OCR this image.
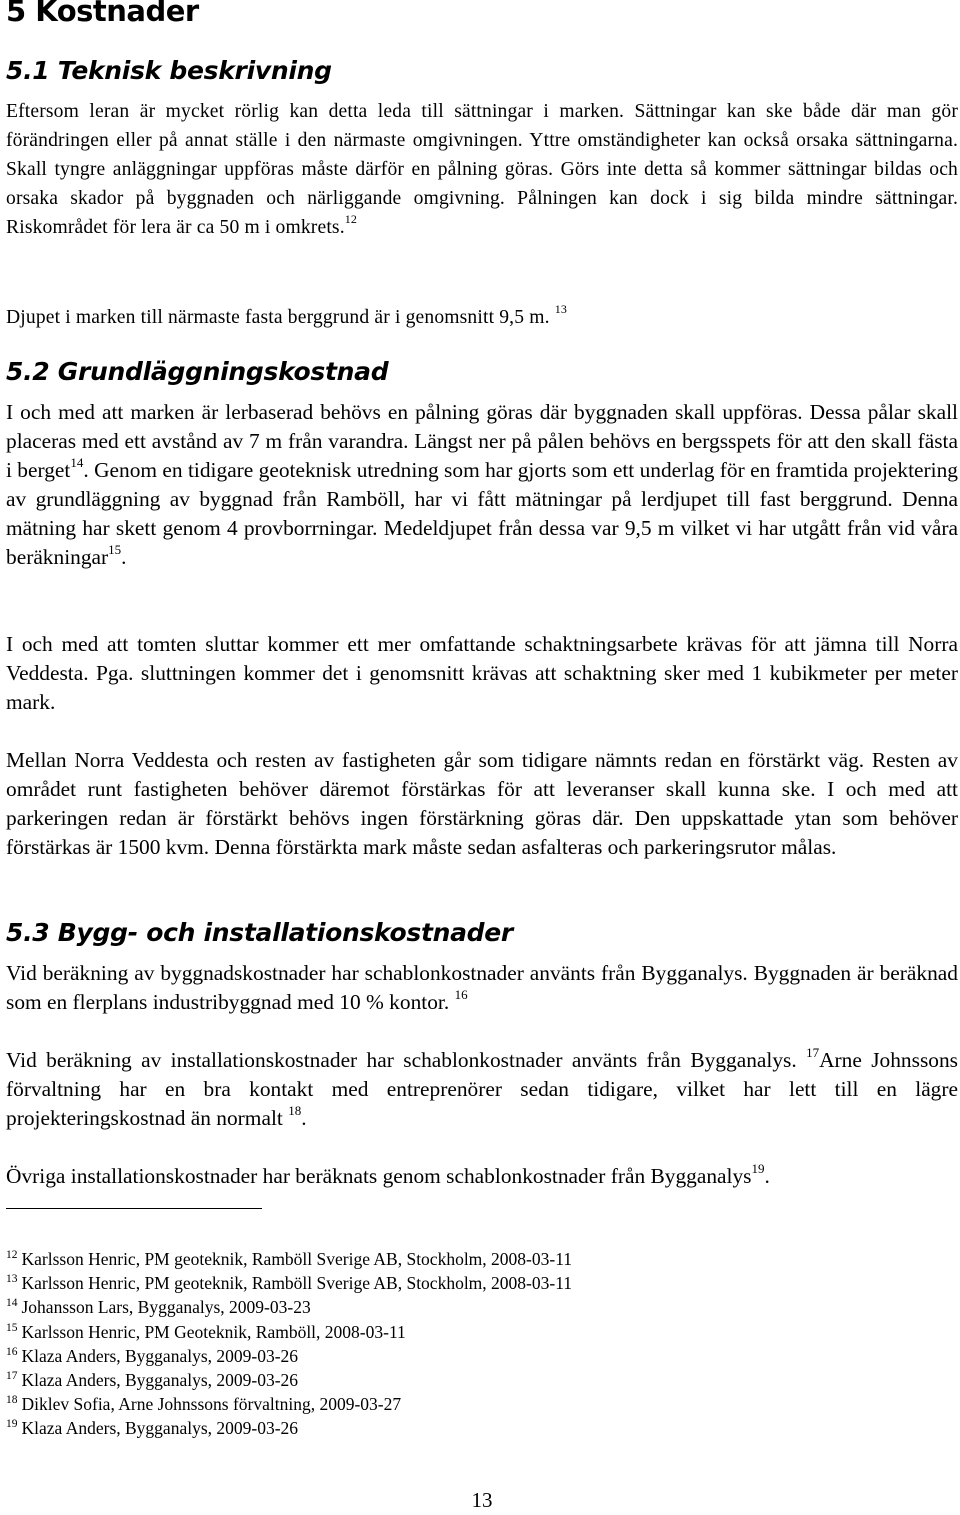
5 Kostnader
5.1 Teknisk beskrivning

Eftersom leran är mycket rörlig kan detta leda till sättningar i marken. Sättningar kan ske både där man gör förändringen eller på annat ställe i den närmaste omgivningen. Yttre omständigheter kan också orsaka sättningarna. Skall tyngre anläggningar uppföras måste därför en pålning göras. Görs inte detta så kommer sättningar bildas och orsaka skador på byggnaden och närliggande omgivning. Pålningen kan dock i sig bilda mindre sättningar. Riskområdet för lera är ca 50 m i omkrets.$^{12}$

Djupet i marken till närmaste fasta berggrund är i genomsnitt 9,5 m. $^{13}$

5.2 Grundläggningskostnad

I och med att marken är lerbaserad behövs en pålning göras där byggnaden skall uppföras. Dessa pålar skall placeras med ett avstånd av 7 m från varandra. Längst ner på pålen behövs en bergsspets för att den skall fästa i berget$^{14}$. Genom en tidigare geoteknisk utredning som har gjorts som ett underlag för en framtida projektering av grundläggning av byggnad från Ramböll, har vi fått mätningar på lerdjupet till fast berggrund. Denna mätning har skett genom 4 provborrningar. Medeldjupet från dessa var 9,5 m vilket vi har utgått från vid våra beräkningar$^{15}$.

I och med att tomten sluttar kommer ett mer omfattande schaktningsarbete krävas för att jämna till Norra Veddesta. Pga. sluttningen kommer det i genomsnitt krävas att schaktning sker med 1 kubikmeter per meter mark.

Mellan Norra Veddesta och resten av fastigheten går som tidigare nämnts redan en förstärkt väg. Resten av området runt fastigheten behöver däremot förstärkas för att leveranser skall kunna ske. I och med att parkeringen redan är förstärkt behövs ingen förstärkning göras där. Den uppskattade ytan som behöver förstärkas är 1500 kvm. Denna förstärkta mark måste sedan asfalteras och parkeringsrutor målas.

5.3 Bygg- och installationskostnader

Vid beräkning av byggnadskostnader har schablonkostnader använts från Bygganalys. Byggnaden är beräknad som en flerplans industribyggnad med 10 % kontor. $^{16}$

Vid beräkning av installationskostnader har schablonkostnader använts från Bygganalys. $^{17}$Arne Johnssons förvaltning har en bra kontakt med entreprenörer sedan tidigare, vilket har lett till en lägre projekteringskostnad än normalt $^{18}$.

Övriga installationskostnader har beräknats genom schablonkostnader från Bygganalys$^{19}$.

$^{12}$ Karlsson Henric, PM geoteknik, Ramböll Sverige AB, Stockholm, 2008-03-11
$^{13}$ Karlsson Henric, PM geoteknik, Ramböll Sverige AB, Stockholm, 2008-03-11
$^{14}$ Johansson Lars, Bygganalys, 2009-03-23
$^{15}$ Karlsson Henric, PM Geoteknik, Ramböll, 2008-03-11
$^{16}$ Klaza Anders, Bygganalys, 2009-03-26
$^{17}$ Klaza Anders, Bygganalys, 2009-03-26
$^{18}$ Diklev Sofia, Arne Johnssons förvaltning, 2009-03-27
$^{19}$ Klaza Anders, Bygganalys, 2009-03-26
13
